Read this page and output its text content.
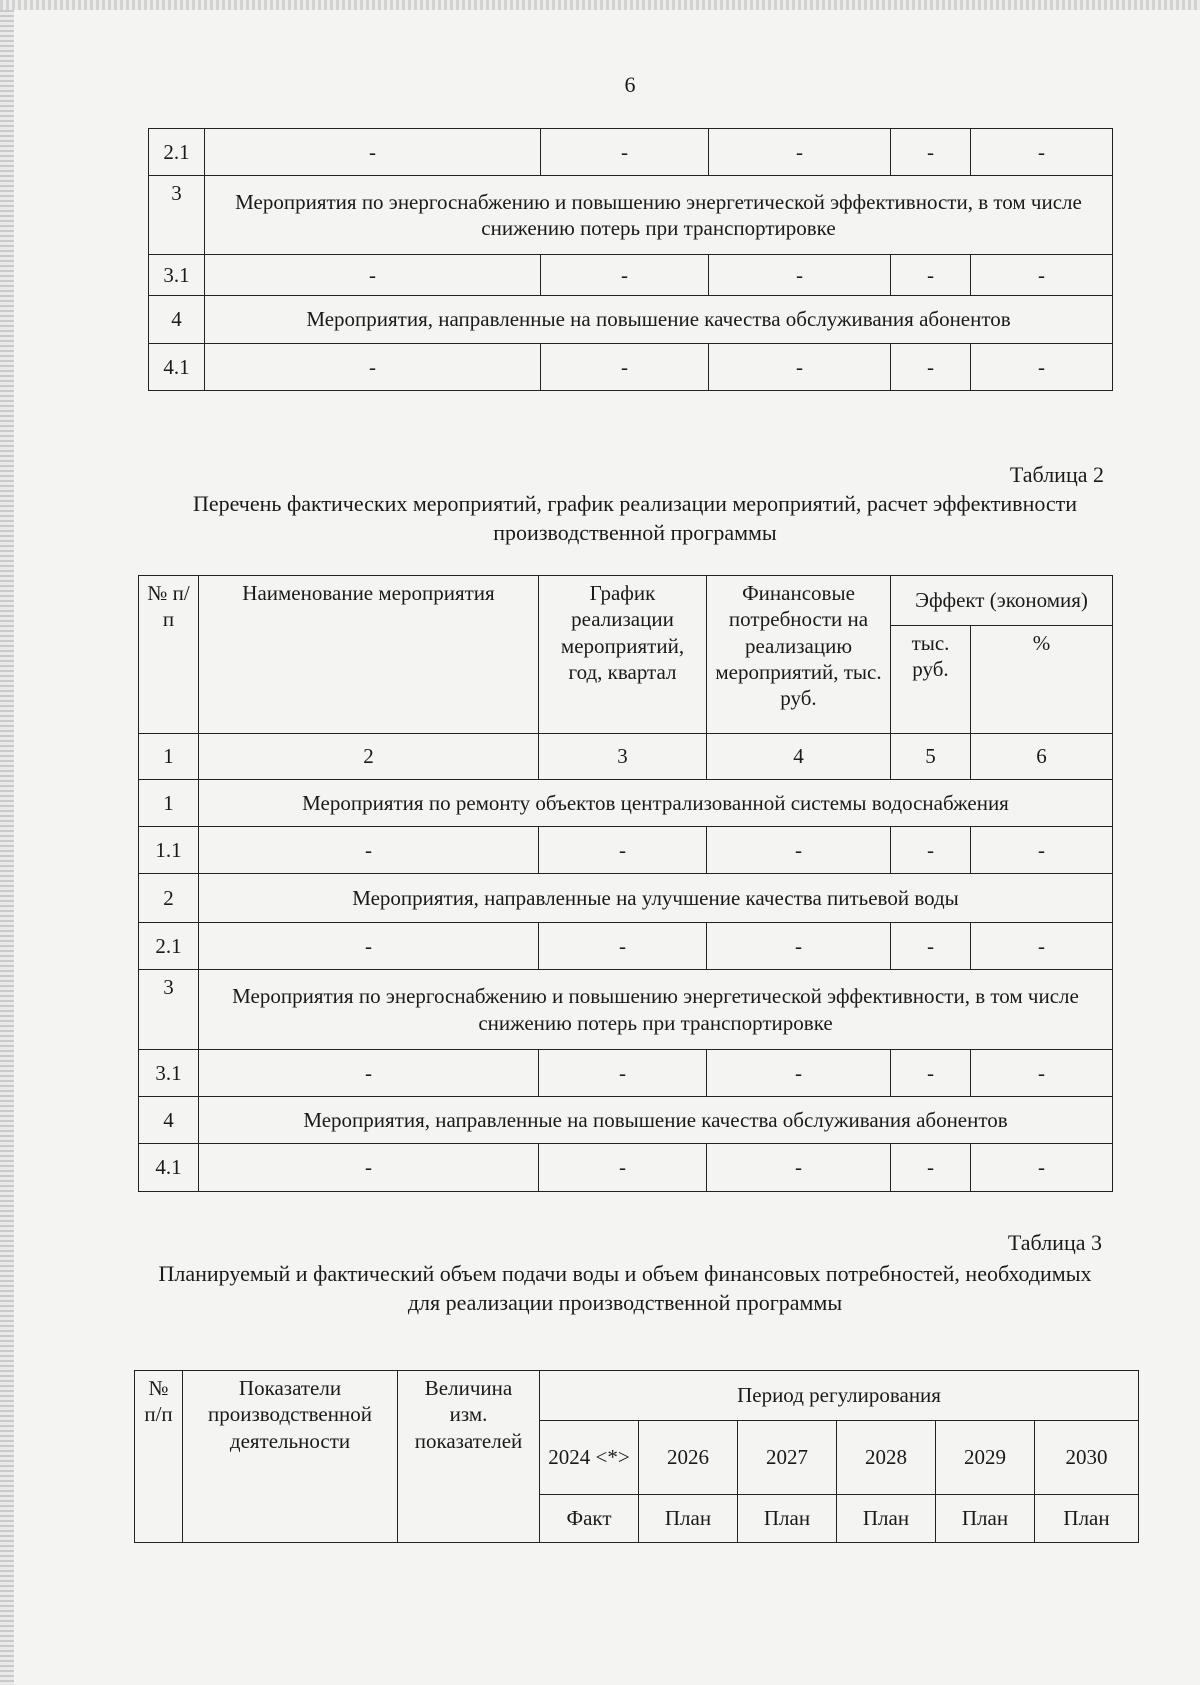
6
2.1	-	-	-	-	-
3	Мероприятия по энергоснабжению и повышению энергетической эффективности, в том числе снижению потерь при транспортировке				
3.1	-	-	-	-	-
4	Мероприятия, направленные на повышение качества обслуживания абонентов				
4.1	-	-	-	-	-
Таблица 2
Перечень фактических мероприятий, график реализации мероприятий, расчет эффективности производственной программы
№ п/п	Наименование мероприятия	График реализации мероприятий, год, квартал	Финансовые потребности на реализацию мероприятий, тыс. руб.	Эффект (экономия)	
				тыс. руб.	%
1	2	3	4	5	6
1	Мероприятия по ремонту объектов централизованной системы водоснабжения				
1.1	-	-	-	-	-
2	Мероприятия, направленные на улучшение качества питьевой воды				
2.1	-	-	-	-	-
3	Мероприятия по энергоснабжению и повышению энергетической эффективности, в том числе снижению потерь при транспортировке				
3.1	-	-	-	-	-
4	Мероприятия, направленные на повышение качества обслуживания абонентов				
4.1	-	-	-	-	-
Таблица 3
Планируемый и фактический объем подачи воды и объем финансовых потребностей, необходимых для реализации производственной программы
№ п/п	Показатели производственной деятельности	Величина изм. показателей	Период регулирования					
			2024 <*>	2026	2027	2028	2029	2030
			Факт	План	План	План	План	План
